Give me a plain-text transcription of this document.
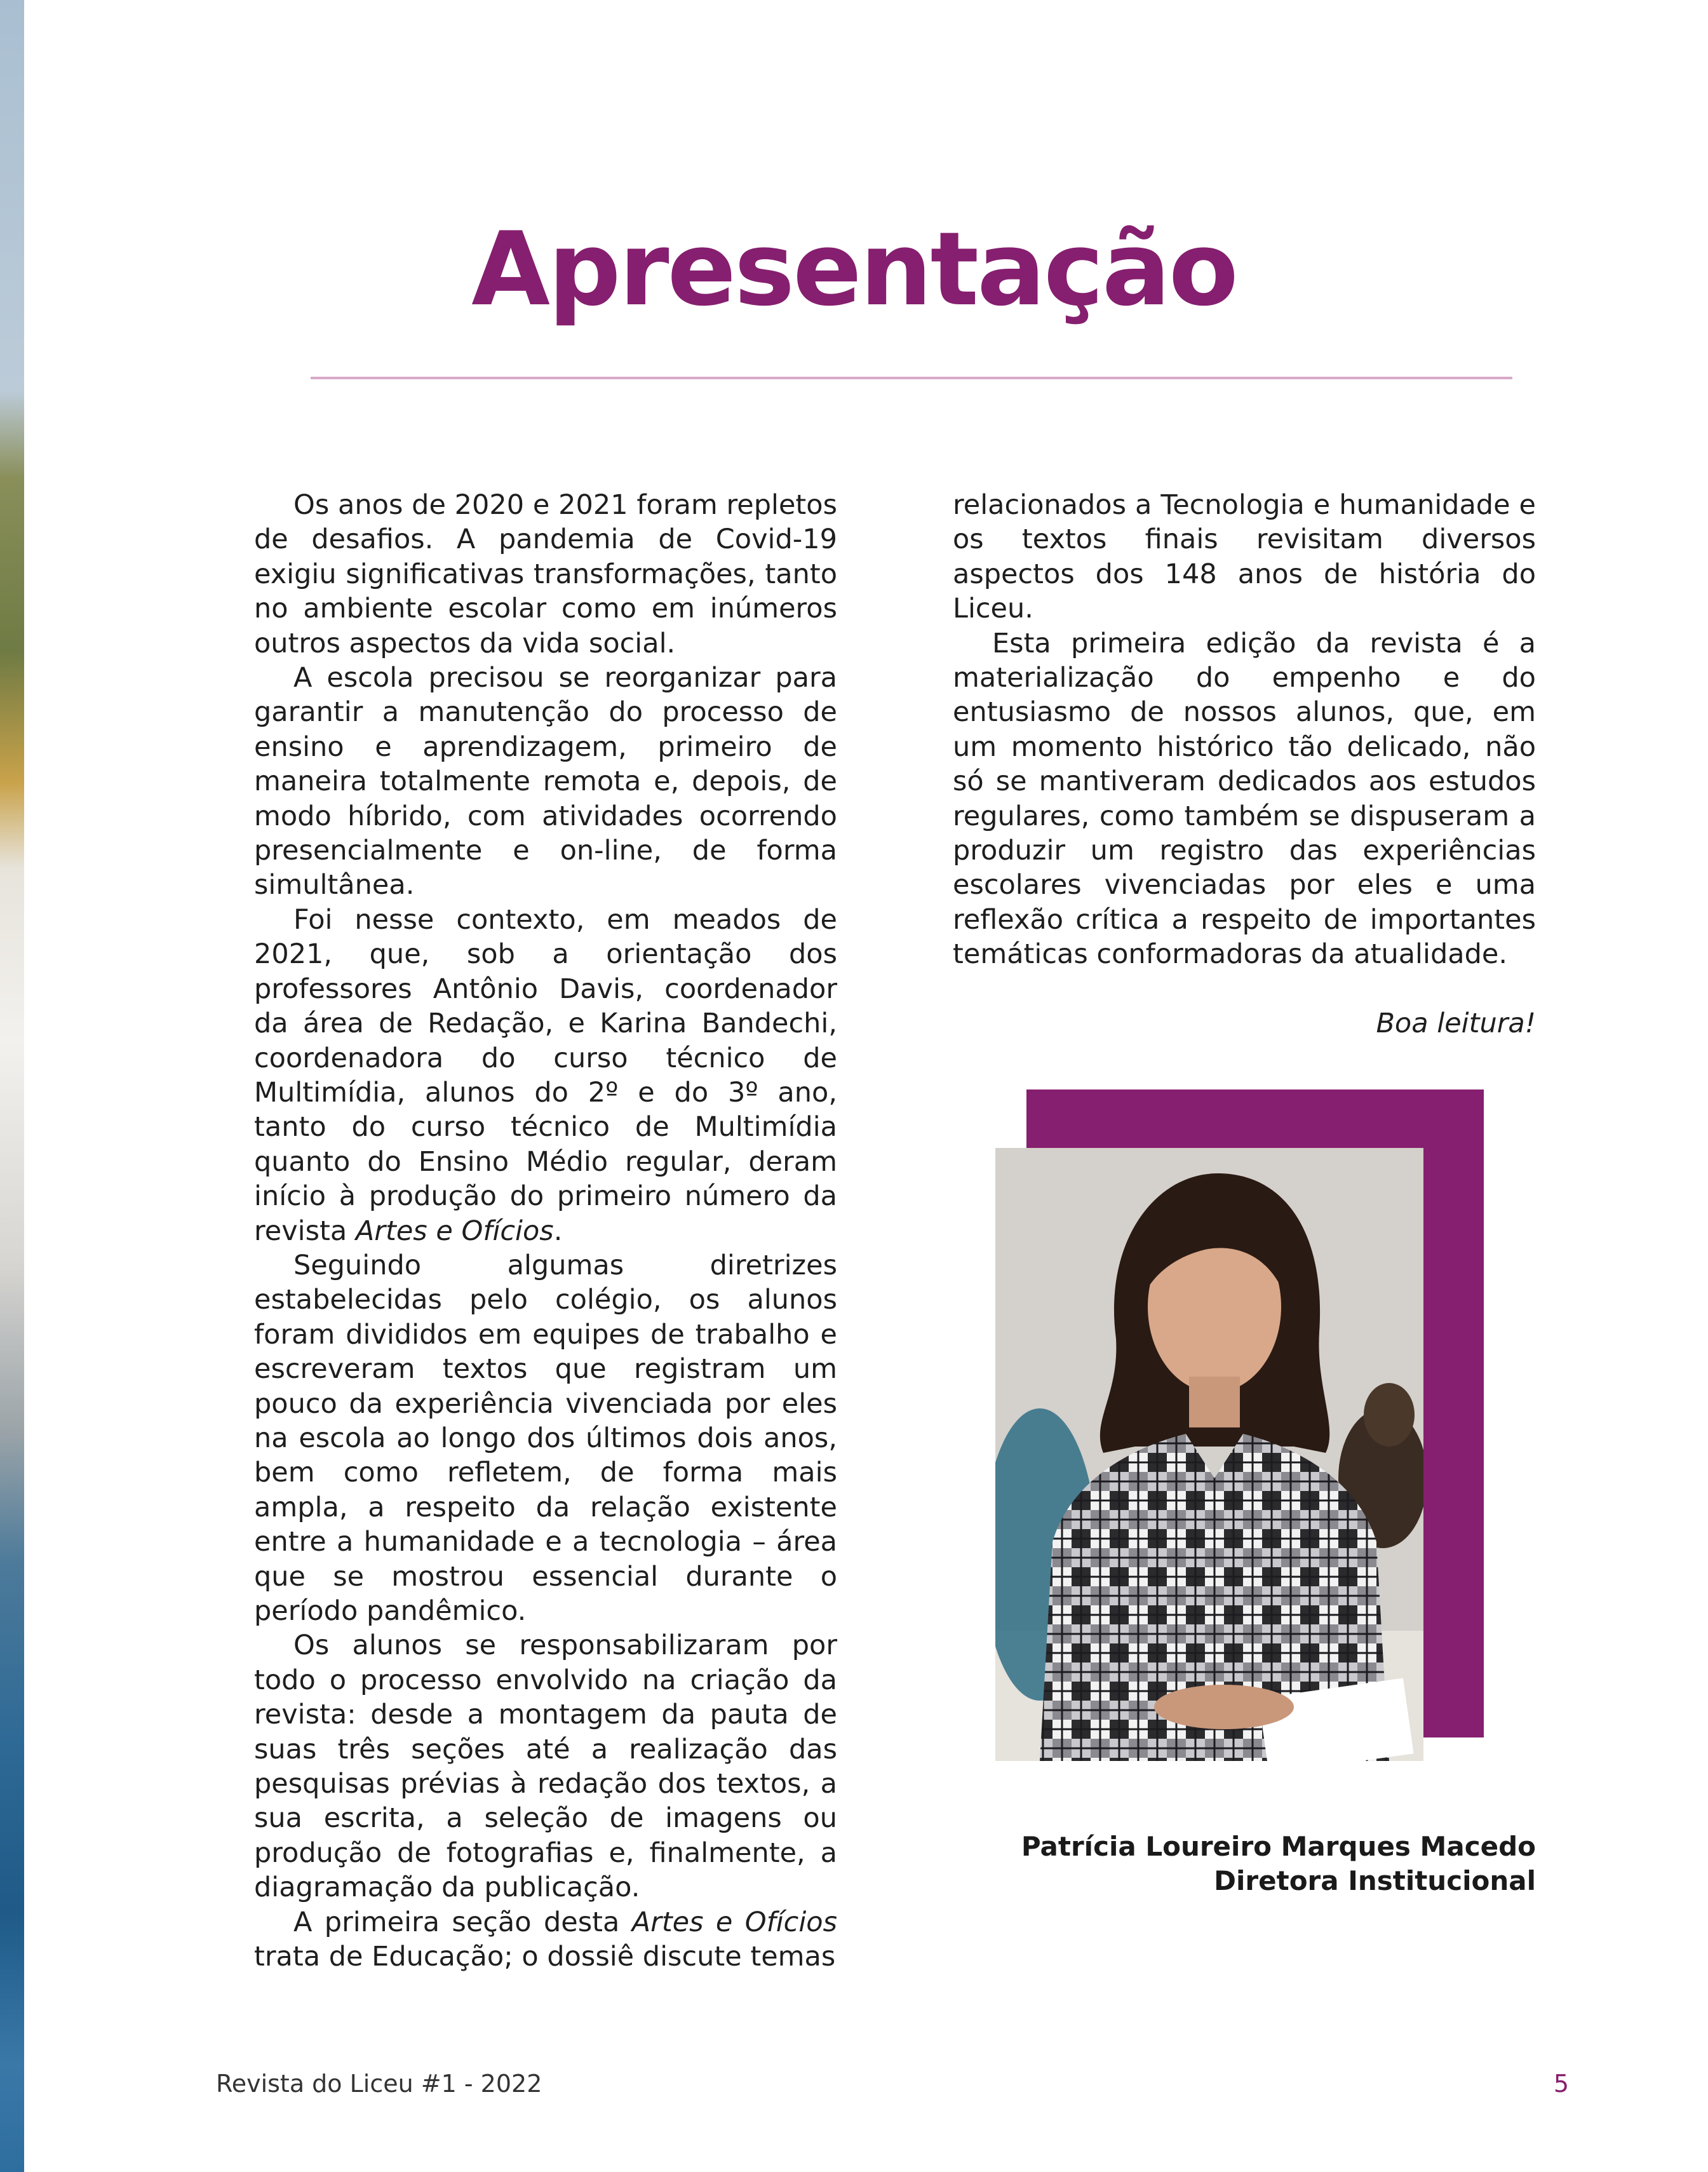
Apresentação

Os anos de 2020 e 2021 foram repletos de desafios. A pandemia de Covid-19 exigiu significativas transformações, tanto no ambiente escolar como em inúmeros outros aspectos da vida social.

A escola precisou se reorganizar para garantir a manutenção do processo de ensino e aprendizagem, primeiro de maneira totalmente remota e, depois, de modo híbrido, com atividades ocorrendo presencialmente e on-line, de forma simultânea.

Foi nesse contexto, em meados de 2021, que, sob a orientação dos professores Antônio Davis, coordenador da área de Redação, e Karina Bandechi, coordenadora do curso técnico de Multimídia, alunos do 2º e do 3º ano, tanto do curso técnico de Multimídia quanto do Ensino Médio regular, deram início à produção do primeiro número da revista Artes e Ofícios.

Seguindo algumas diretrizes estabelecidas pelo colégio, os alunos foram divididos em equipes de trabalho e escreveram textos que registram um pouco da experiência vivenciada por eles na escola ao longo dos últimos dois anos, bem como refletem, de forma mais ampla, a respeito da relação existente entre a humanidade e a tecnologia – área que se mostrou essencial durante o período pandêmico.

Os alunos se responsabilizaram por todo o processo envolvido na criação da revista: desde a montagem da pauta de suas três seções até a realização das pesquisas prévias à redação dos textos, a sua escrita, a seleção de imagens ou produção de fotografias e, finalmente, a diagramação da publicação.

A primeira seção desta Artes e Ofícios trata de Educação; o dossiê discute temas

relacionados a Tecnologia e humanidade e os textos finais revisitam diversos aspectos dos 148 anos de história do Liceu.

Esta primeira edição da revista é a materialização do empenho e do entusiasmo de nossos alunos, que, em um momento histórico tão delicado, não só se mantiveram dedicados aos estudos regulares, como também se dispuseram a produzir um registro das experiências escolares vivenciadas por eles e uma reflexão crítica a respeito de importantes temáticas conformadoras da atualidade.

Boa leitura!

Patrícia Loureiro Marques Macedo
Diretora Institucional
Revista do Liceu #1 - 2022	5
